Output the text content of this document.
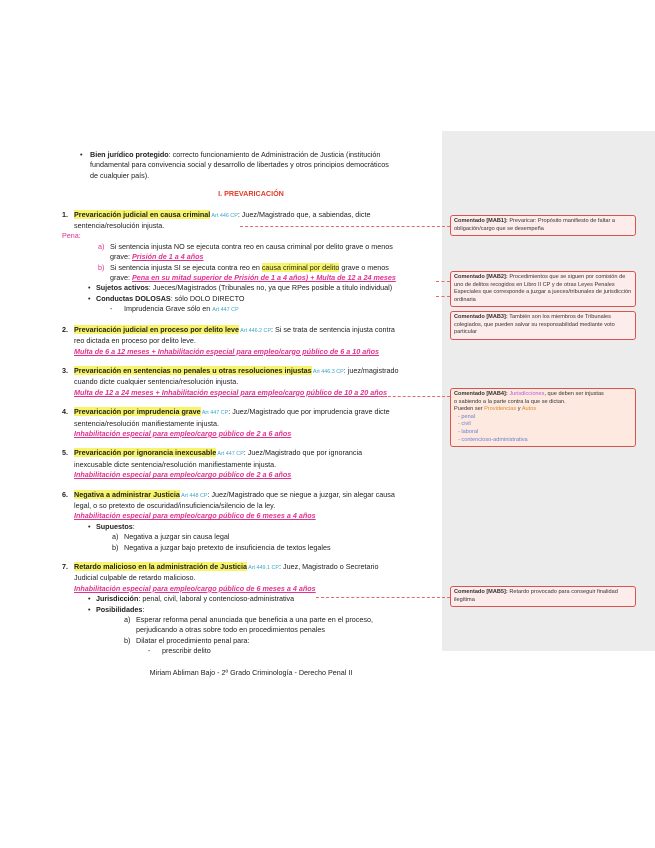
• Bien jurídico protegido: correcto funcionamiento de Administración de Justicia (institución
fundamental para convivencia social y desarrollo de libertades y otros principios democráticos
de cualquier país).
I. PREVARICACIÓN
1. Prevaricación judicial en causa criminal Art 446 CP: Juez/Magistrado que, a sabiendas, dicte
sentencia/resolución injusta.
Pena:
a) Si sentencia injusta NO se ejecuta contra reo en causa criminal por delito grave o menos
grave: Prisión de 1 a 4 años
b) Si sentencia injusta SI se ejecuta contra reo en causa criminal por delito grave o menos
grave: Pena en su mitad superior de Prisión de 1 a 4 años) + Multa de 12 a 24 meses
• Sujetos activos: Jueces/Magistrados (Tribunales no, ya que RPes posible a título individual)
• Conductas DOLOSAS: sólo DOLO DIRECTO
- Imprudencia Grave sólo en Art 447 CP
2. Prevaricación judicial en proceso por delito leve Art 446.2 CP: Si se trata de sentencia injusta contra
reo dictada en proceso por delito leve.
Multa de 6 a 12 meses + Inhabilitación especial para empleo/cargo público de 6 a 10 años
3. Prevaricación en sentencias no penales u otras resoluciones injustas Art 446.3 CP: juez/magistrado
cuando dicte cualquier sentencia/resolución injusta.
Multa de 12 a 24 meses + Inhabilitación especial para empleo/cargo público de 10 a 20 años
4. Prevaricación por imprudencia grave Art 447 CP: Juez/Magistrado que por imprudencia grave dicte
sentencia/resolución manifiestamente injusta.
Inhabilitación especial para empleo/cargo público de 2 a 6 años
5. Prevaricación por ignorancia inexcusable Art 447 CP: Juez/Magistrado que por ignorancia
inexcusable dicte sentencia/resolución manifiestamente injusta.
Inhabilitación especial para empleo/cargo público de 2 a 6 años
6. Negativa a administrar Justicia Art 448 CP: Juez/Magistrado que se niegue a juzgar, sin alegar causa
legal, o so pretexto de oscuridad/insuficiencia/silencio de la ley.
Inhabilitación especial para empleo/cargo público de 6 meses a 4 años
• Supuestos:
a) Negativa a juzgar sin causa legal
b) Negativa a juzgar bajo pretexto de insuficiencia de textos legales
7. Retardo malicioso en la administración de Justicia Art 449.1 CP: Juez, Magistrado o Secretario
Judicial culpable de retardo malicioso.
Inhabilitación especial para empleo/cargo público de 6 meses a 4 años
• Jurisdicción: penal, civil, laboral y contencioso-administrativa
• Posibilidades:
a) Esperar reforma penal anunciada que beneficia a una parte en el proceso,
perjudicando a otras sobre todo en procedimientos penales
b) Dilatar el procedimiento penal para:
- prescribir delito
Miriam Abliman Bajo - 2º Grado Criminología - Derecho Penal II
Comentado [MAB1]: Prevaricar: Propósito manifiesto de faltar a obligación/cargo que se desempeña
Comentado [MAB2]: Procedimientos que se siguen por comisión de uno de delitos recogidos en Libro II CP y de otras Leyes Penales Especiales que corresponde a juzgar a jueces/tribunales de jurisdicción ordinaria
Comentado [MAB3]: También son los miembros de Tribunales colegiados, que pueden salvar su responsabilidad mediante voto particular
Comentado [MAB4]: Jurisdicciones, que deben ser injustas
o sabiendo a la parte contra la que se dictan.
Pueden ser Providencias y Autos
- penal
- civil
- laboral
- contencioso-administrativa
Comentado [MAB5]: Retardo provocado para conseguir finalidad ilegítima
